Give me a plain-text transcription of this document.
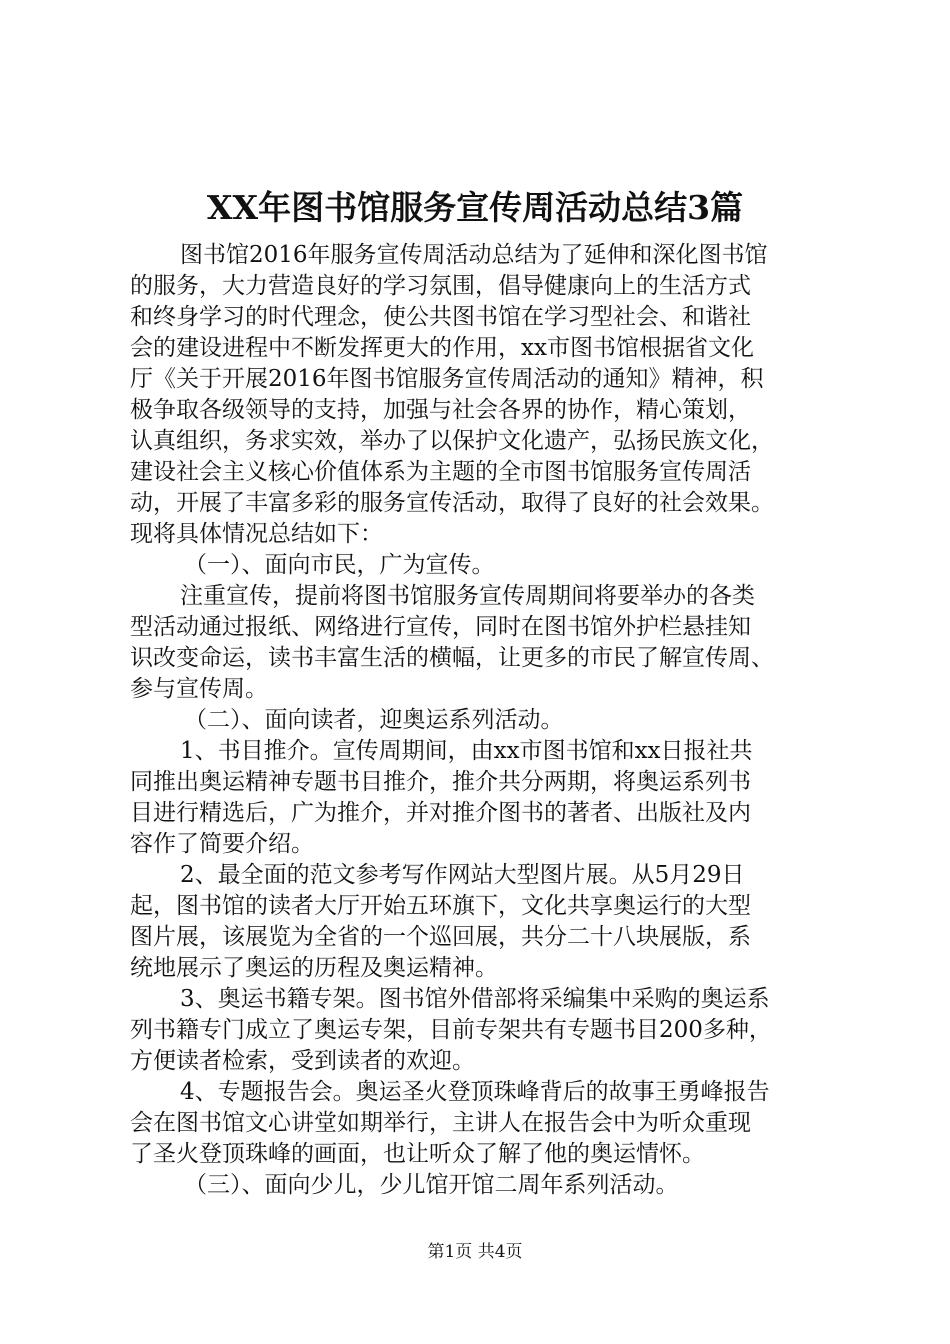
XX年图书馆服务宣传周活动总结3篇
图书馆2016年服务宣传周活动总结为了延伸和深化图书馆
的服务，大力营造良好的学习氛围，倡导健康向上的生活方式
和终身学习的时代理念，使公共图书馆在学习型社会、和谐社
会的建设进程中不断发挥更大的作用，xx市图书馆根据省文化
厅《关于开展2016年图书馆服务宣传周活动的通知》精神，积
极争取各级领导的支持，加强与社会各界的协作，精心策划，
认真组织，务求实效，举办了以保护文化遗产，弘扬民族文化，
建设社会主义核心价值体系为主题的全市图书馆服务宣传周活
动，开展了丰富多彩的服务宣传活动，取得了良好的社会效果。
现将具体情况总结如下：
（一）、面向市民，广为宣传。
注重宣传，提前将图书馆服务宣传周期间将要举办的各类
型活动通过报纸、网络进行宣传，同时在图书馆外护栏悬挂知
识改变命运，读书丰富生活的横幅，让更多的市民了解宣传周、
参与宣传周。
（二）、面向读者，迎奥运系列活动。
1、书目推介。宣传周期间，由xx市图书馆和xx日报社共
同推出奥运精神专题书目推介，推介共分两期，将奥运系列书
目进行精选后，广为推介，并对推介图书的著者、出版社及内
容作了简要介绍。
2、最全面的范文参考写作网站大型图片展。从5月29日
起，图书馆的读者大厅开始五环旗下，文化共享奥运行的大型
图片展，该展览为全省的一个巡回展，共分二十八块展版，系
统地展示了奥运的历程及奥运精神。
3、奥运书籍专架。图书馆外借部将采编集中采购的奥运系
列书籍专门成立了奥运专架，目前专架共有专题书目200多种，
方便读者检索，受到读者的欢迎。
4、专题报告会。奥运圣火登顶珠峰背后的故事王勇峰报告
会在图书馆文心讲堂如期举行，主讲人在报告会中为听众重现
了圣火登顶珠峰的画面，也让听众了解了他的奥运情怀。
（三）、面向少儿，少儿馆开馆二周年系列活动。
第1页 共4页
